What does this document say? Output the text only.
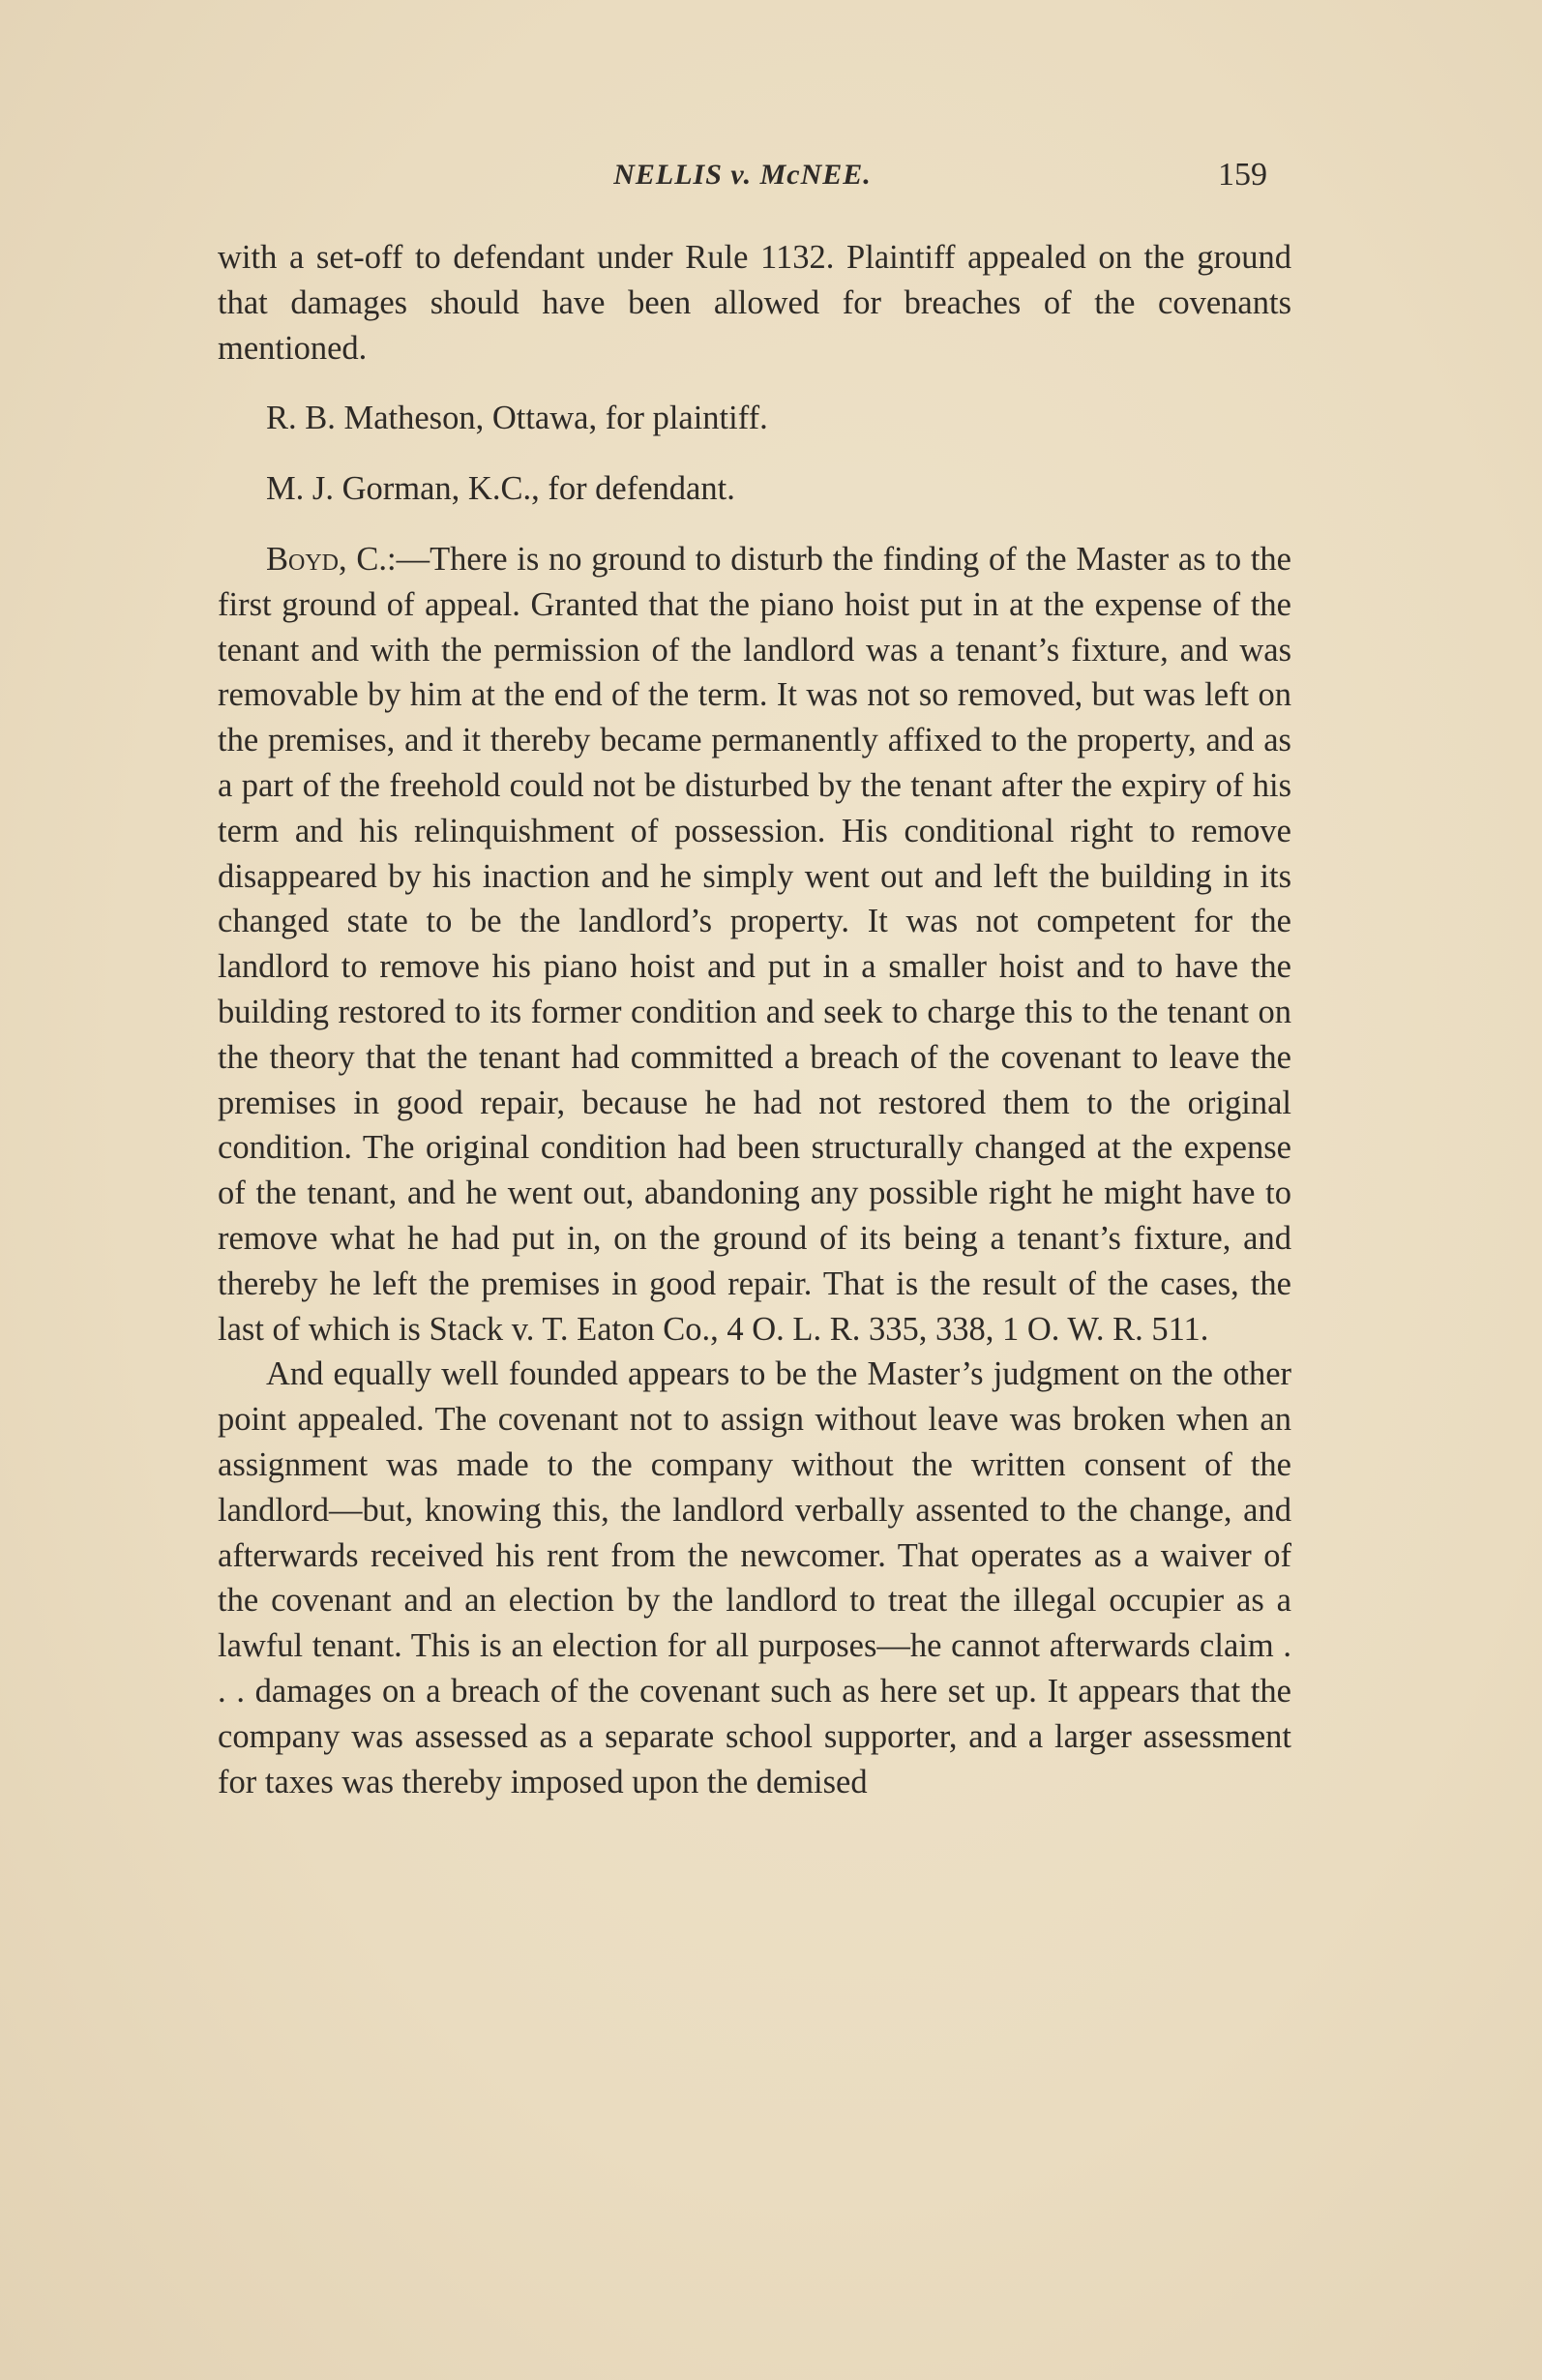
NELLIS v. McNEE.	159

with a set-off to defendant under Rule 1132. Plaintiff appealed on the ground that damages should have been allowed for breaches of the covenants mentioned.

R. B. Matheson, Ottawa, for plaintiff.

M. J. Gorman, K.C., for defendant.

Boyd, C.:—There is no ground to disturb the finding of the Master as to the first ground of appeal. Granted that the piano hoist put in at the expense of the tenant and with the permission of the landlord was a tenant’s fixture, and was removable by him at the end of the term. It was not so removed, but was left on the premises, and it thereby became permanently affixed to the property, and as a part of the freehold could not be disturbed by the tenant after the expiry of his term and his relinquishment of possession. His conditional right to remove disappeared by his inaction and he simply went out and left the building in its changed state to be the landlord’s property. It was not competent for the landlord to remove his piano hoist and put in a smaller hoist and to have the building restored to its former condition and seek to charge this to the tenant on the theory that the tenant had committed a breach of the covenant to leave the premises in good repair, because he had not restored them to the original condition. The original condition had been structurally changed at the expense of the tenant, and he went out, abandoning any possible right he might have to remove what he had put in, on the ground of its being a tenant’s fixture, and thereby he left the premises in good repair. That is the result of the cases, the last of which is Stack v. T. Eaton Co., 4 O. L. R. 335, 338, 1 O. W. R. 511.

And equally well founded appears to be the Master’s judgment on the other point appealed. The covenant not to assign without leave was broken when an assignment was made to the company without the written consent of the landlord—but, knowing this, the landlord verbally assented to the change, and afterwards received his rent from the newcomer. That operates as a waiver of the covenant and an election by the landlord to treat the illegal occupier as a lawful tenant. This is an election for all purposes—he cannot afterwards claim . . . damages on a breach of the covenant such as here set up. It appears that the company was assessed as a separate school supporter, and a larger assessment for taxes was thereby imposed upon the demised
